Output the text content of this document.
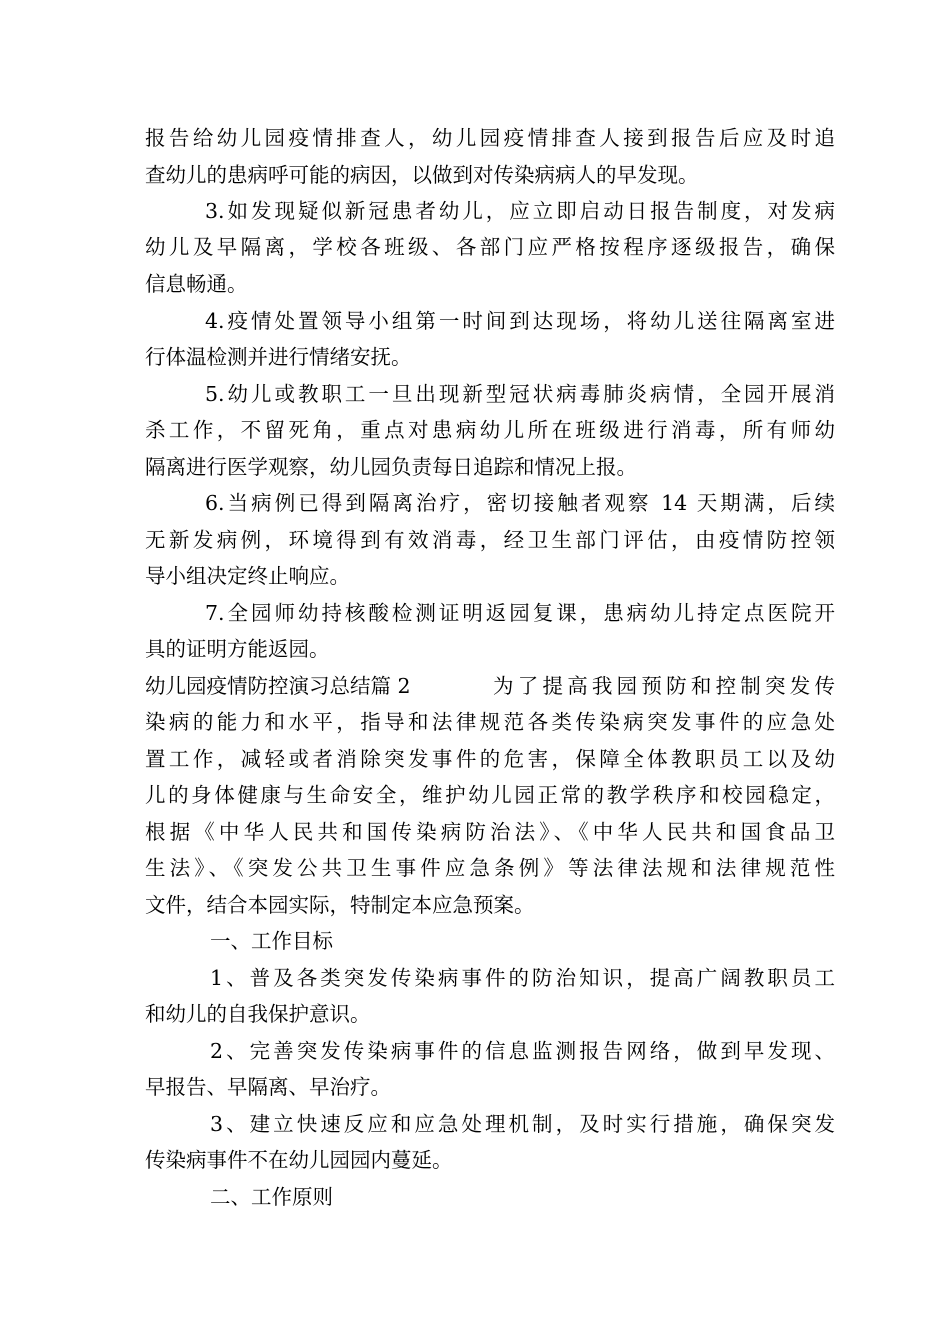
报告给幼儿园疫情排查人，幼儿园疫情排查人接到报告后应及时追
查幼儿的患病呼可能的病因，以做到对传染病病人的早发现。
3.如发现疑似新冠患者幼儿，应立即启动日报告制度，对发病
幼儿及早隔离，学校各班级、各部门应严格按程序逐级报告，确保
信息畅通。
4.疫情处置领导小组第一时间到达现场，将幼儿送往隔离室进
行体温检测并进行情绪安抚。
5.幼儿或教职工一旦出现新型冠状病毒肺炎病情，全园开展消
杀工作，不留死角，重点对患病幼儿所在班级进行消毒，所有师幼
隔离进行医学观察，幼儿园负责每日追踪和情况上报。
6.当病例已得到隔离治疗，密切接触者观察 14 天期满，后续
无新发病例，环境得到有效消毒，经卫生部门评估，由疫情防控领
导小组决定终止响应。
7.全园师幼持核酸检测证明返园复课，患病幼儿持定点医院开
具的证明方能返园。
幼儿园疫情防控演习总结篇 2	为了提高我园预防和控制突发传
染病的能力和水平，指导和法律规范各类传染病突发事件的应急处
置工作，减轻或者消除突发事件的危害，保障全体教职员工以及幼
儿的身体健康与生命安全，维护幼儿园正常的教学秩序和校园稳定，
根据《中华人民共和国传染病防治法》、《中华人民共和国食品卫
生法》、《突发公共卫生事件应急条例》等法律法规和法律规范性
文件，结合本园实际，特制定本应急预案。
一、工作目标
1、普及各类突发传染病事件的防治知识，提高广阔教职员工
和幼儿的自我保护意识。
2、完善突发传染病事件的信息监测报告网络，做到早发现、
早报告、早隔离、早治疗。
3、建立快速反应和应急处理机制，及时实行措施，确保突发
传染病事件不在幼儿园园内蔓延。
二、工作原则
